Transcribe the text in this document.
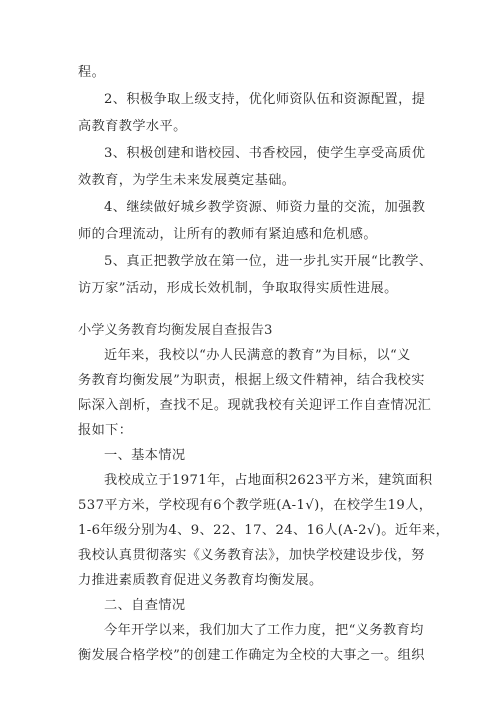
程。
2、积极争取上级支持，优化师资队伍和资源配置，提
高教育教学水平。
3、积极创建和谐校园、书香校园，使学生享受高质优
效教育，为学生未来发展奠定基础。
4、继续做好城乡教学资源、师资力量的交流，加强教
师的合理流动，让所有的教师有紧迫感和危机感。
5、真正把教学放在第一位，进一步扎实开展“比教学、
访万家”活动，形成长效机制，争取取得实质性进展。
小学义务教育均衡发展自查报告3
近年来，我校以“办人民满意的教育”为目标，以“义
务教育均衡发展”为职责，根据上级文件精神，结合我校实
际深入剖析，查找不足。现就我校有关迎评工作自查情况汇
报如下：
一、基本情况
我校成立于1971年，占地面积2623平方米，建筑面积
537平方米，学校现有6个教学班(A-1√)，在校学生19人，
1-6年级分别为4、9、22、17、24、16人(A-2√)。近年来，
我校认真贯彻落实《义务教育法》，加快学校建设步伐，努
力推进素质教育促进义务教育均衡发展。
二、自查情况
今年开学以来，我们加大了工作力度，把“义务教育均
衡发展合格学校”的创建工作确定为全校的大事之一。组织
